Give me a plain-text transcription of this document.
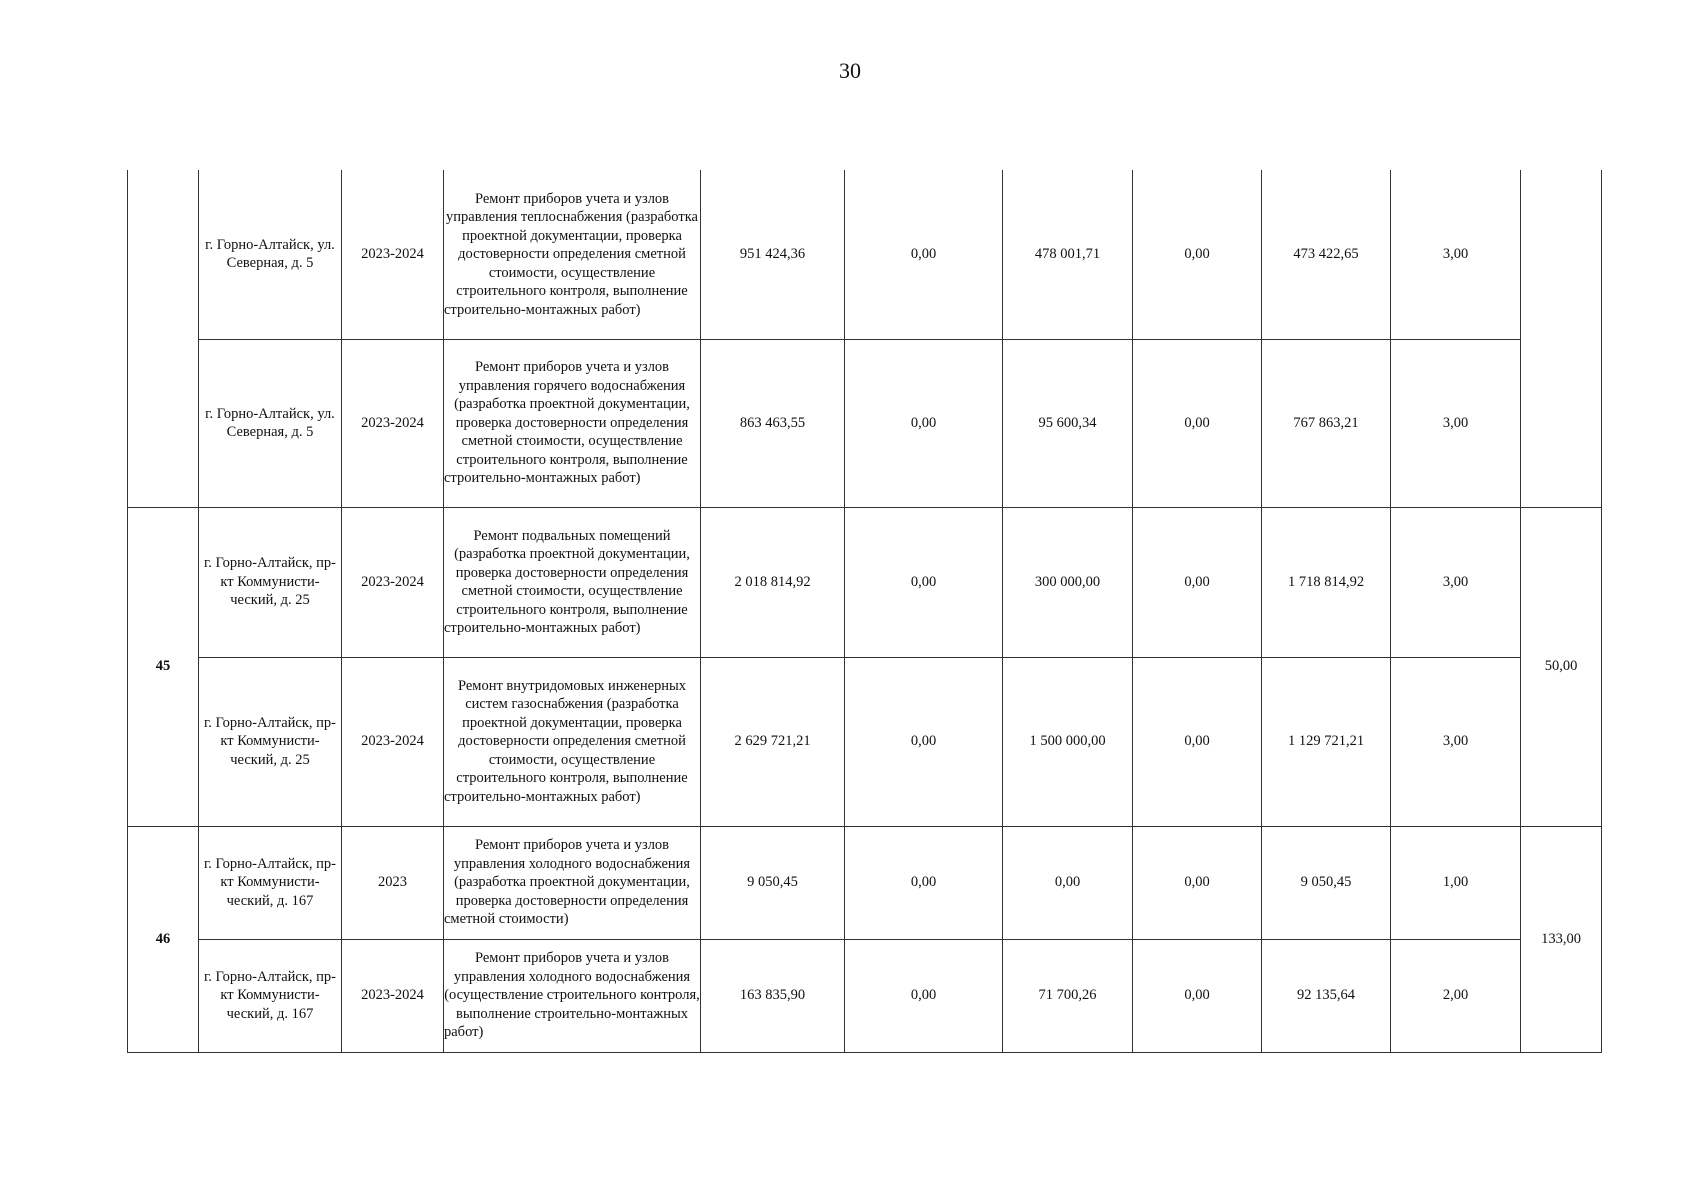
30
	г. Горно-Алтайск, ул. Северная, д. 5	2023-2024	Ремонт приборов учета и узлов управления теплоснабжения (разработка проектной документации, проверка достоверности определения сметной стоимости, осуществление строительного контроля, выполнение строительно-монтажных работ)	951 424,36	0,00	478 001,71	0,00	473 422,65	3,00	
	г. Горно-Алтайск, ул. Северная, д. 5	2023-2024	Ремонт приборов учета и узлов управления горячего водоснабжения (разработка проектной документации, проверка достоверности определения сметной стоимости, осуществление строительного контроля, выполнение строительно-монтажных работ)	863 463,55	0,00	95 600,34	0,00	767 863,21	3,00	
45	г. Горно-Алтайск, пр-кт Коммунисти-ческий, д. 25	2023-2024	Ремонт подвальных помещений (разработка проектной документации, проверка достоверности определения сметной стоимости, осуществление строительного контроля, выполнение строительно-монтажных работ)	2 018 814,92	0,00	300 000,00	0,00	1 718 814,92	3,00	50,00
	г. Горно-Алтайск, пр-кт Коммунисти-ческий, д. 25	2023-2024	Ремонт внутридомовых инженерных систем газоснабжения (разработка проектной документации, проверка достоверности определения сметной стоимости, осуществление строительного контроля, выполнение строительно-монтажных работ)	2 629 721,21	0,00	1 500 000,00	0,00	1 129 721,21	3,00	
46	г. Горно-Алтайск, пр-кт Коммунисти-ческий, д. 167	2023	Ремонт приборов учета и узлов управления холодного водоснабжения (разработка проектной документации, проверка достоверности определения сметной стоимости)	9 050,45	0,00	0,00	0,00	9 050,45	1,00	133,00
	г. Горно-Алтайск, пр-кт Коммунисти-ческий, д. 167	2023-2024	Ремонт приборов учета и узлов управления холодного водоснабжения (осуществление строительного контроля, выполнение строительно-монтажных работ)	163 835,90	0,00	71 700,26	0,00	92 135,64	2,00	
